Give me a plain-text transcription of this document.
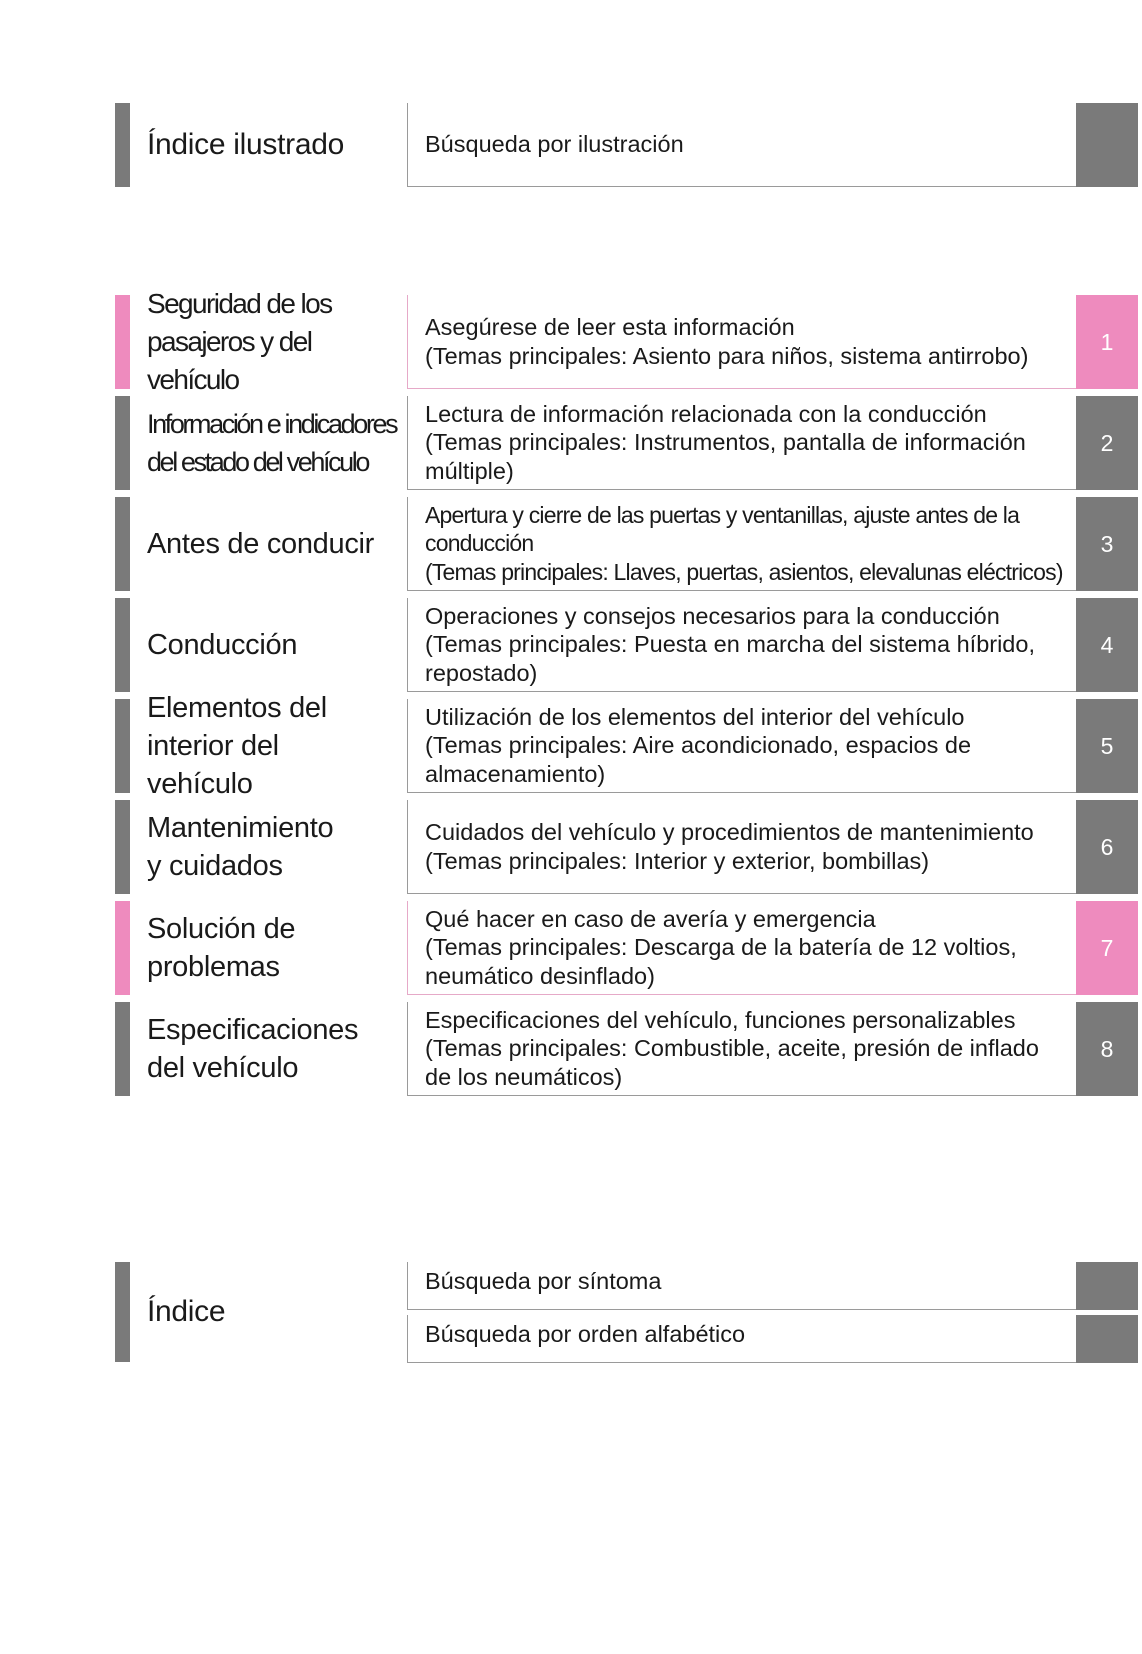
Índice ilustrado	Búsqueda por ilustración
Seguridad de los
pasajeros y del vehículo
Asegúrese de leer esta información
(Temas principales: Asiento para niños, sistema antirrobo)
1
Información e indicadores
del estado del vehículo
Lectura de información relacionada con la conducción
(Temas principales: Instrumentos, pantalla de información
múltiple)
2
Antes de conducir
Apertura y cierre de las puertas y ventanillas, ajuste antes de la
conducción
(Temas principales: Llaves, puertas, asientos, elevalunas eléctricos)
3
Conducción
Operaciones y consejos necesarios para la conducción
(Temas principales: Puesta en marcha del sistema híbrido,
repostado)
4
Elementos del
interior del
vehículo
Utilización de los elementos del interior del vehículo
(Temas principales: Aire acondicionado, espacios de
almacenamiento)
5
Mantenimiento
y cuidados
Cuidados del vehículo y procedimientos de mantenimiento
(Temas principales: Interior y exterior, bombillas)
6
Solución de
problemas
Qué hacer en caso de avería y emergencia
(Temas principales: Descarga de la batería de 12 voltios,
neumático desinflado)
7
Especificaciones
del vehículo
Especificaciones del vehículo, funciones personalizables
(Temas principales: Combustible, aceite, presión de inflado
de los neumáticos)
8
Índice
Búsqueda por síntoma
Búsqueda por orden alfabético
